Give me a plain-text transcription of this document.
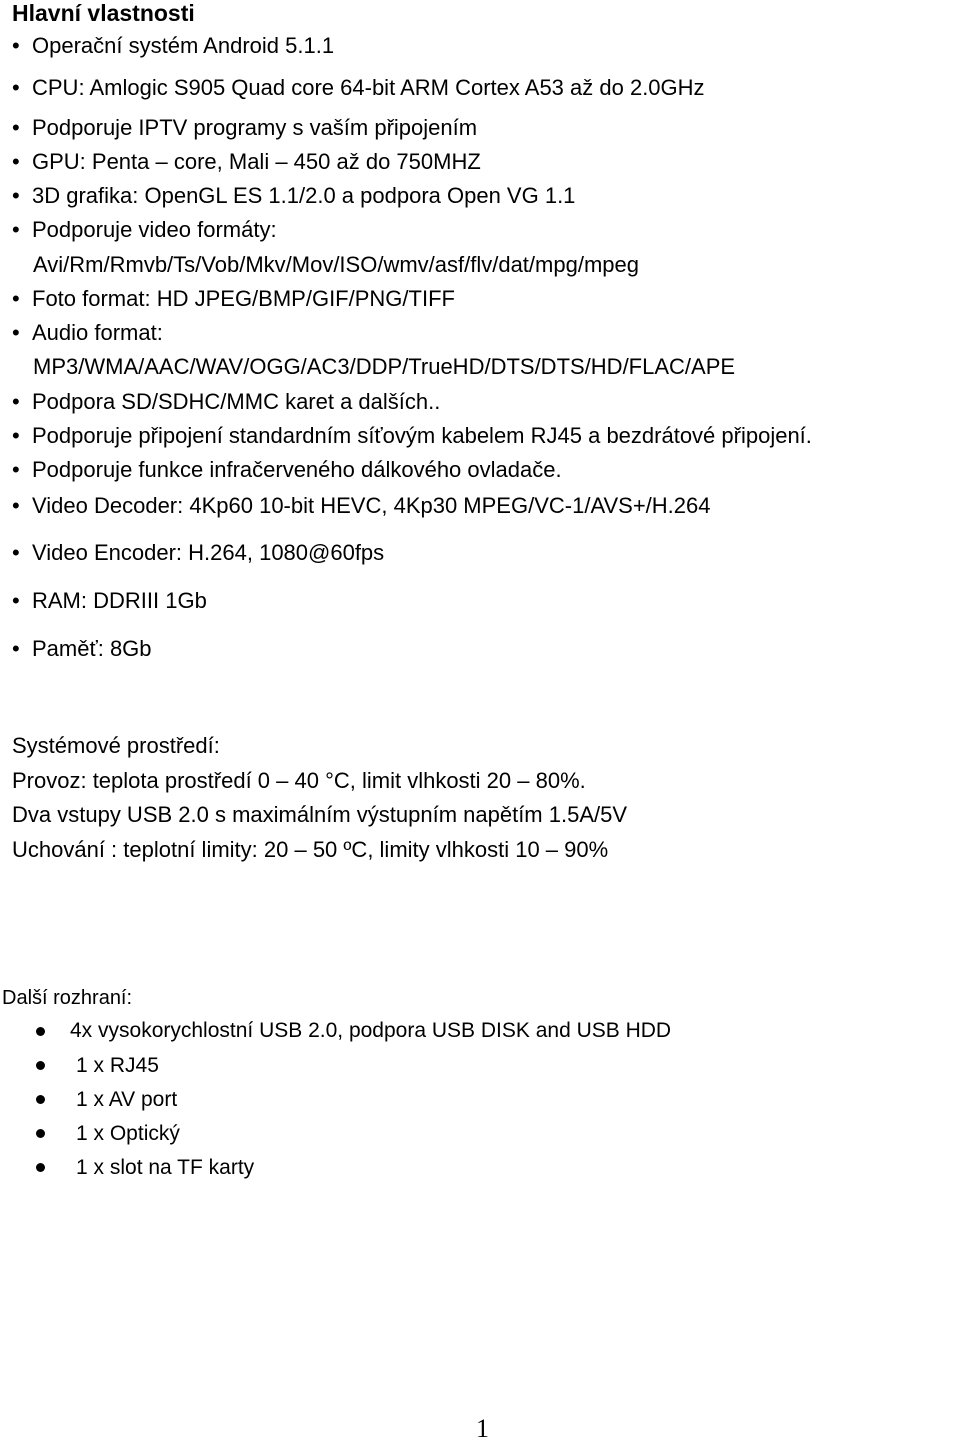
Hlavní vlastnosti
• Operační systém Android 5.1.1
• CPU: Amlogic S905 Quad core 64-bit ARM Cortex A53 až do 2.0GHz
• Podporuje IPTV programy s vaším připojením
• GPU: Penta – core, Mali – 450 až do 750MHZ
• 3D grafika: OpenGL ES 1.1/2.0 a podpora Open VG 1.1
• Podporuje video formáty:
Avi/Rm/Rmvb/Ts/Vob/Mkv/Mov/ISO/wmv/asf/flv/dat/mpg/mpeg
• Foto format: HD JPEG/BMP/GIF/PNG/TIFF
• Audio format:
MP3/WMA/AAC/WAV/OGG/AC3/DDP/TrueHD/DTS/DTS/HD/FLAC/APE
• Podpora SD/SDHC/MMC karet a dalších..
• Podporuje připojení standardním síťovým kabelem RJ45 a bezdrátové připojení.
• Podporuje funkce infračerveného dálkového ovladače.
• Video Decoder: 4Kp60 10-bit HEVC, 4Kp30 MPEG/VC-1/AVS+/H.264
• Video Encoder: H.264, 1080@60fps
• RAM: DDRIII 1Gb
• Paměť: 8Gb
Systémové prostředí:
Provoz: teplota prostředí 0 – 40 °C, limit vlhkosti 20 – 80%.
Dva vstupy USB 2.0 s maximálním výstupním napětím 1.5A/5V
Uchování : teplotní limity: 20 – 50 ºC, limity vlhkosti 10 – 90%
Další rozhraní:
4x vysokorychlostní USB 2.0, podpora USB DISK and USB HDD
1 x RJ45
1 x AV port
1 x Optický
1 x slot na TF karty
1
